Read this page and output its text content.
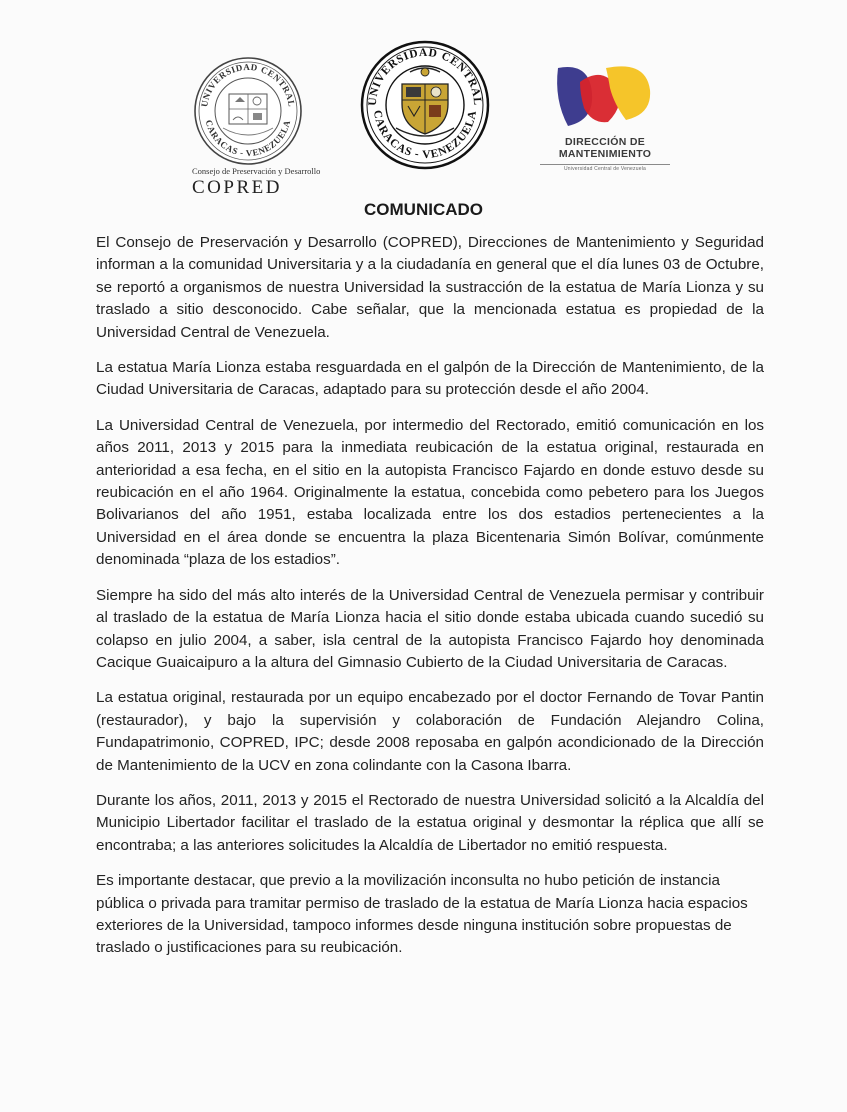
UNIVERSIDAD CENTRAL
CARACAS - VENEZUELA
Consejo de Preservación y Desarrollo
COPRED
UNIVERSIDAD CENTRAL
CARACAS - VENEZUELA
DIRECCIÓN DE
MANTENIMIENTO
Universidad Central de Venezuela
COMUNICADO

El Consejo de Preservación y Desarrollo (COPRED), Direcciones de Mantenimiento y Seguridad informan a la comunidad Universitaria y a la ciudadanía en general que el día lunes 03 de Octubre, se reportó a organismos de nuestra Universidad la sustracción de la estatua de María Lionza y su traslado a sitio desconocido. Cabe señalar, que la mencionada estatua es propiedad de la Universidad Central de Venezuela.

La estatua María Lionza estaba resguardada en el galpón de la Dirección de Mantenimiento, de la Ciudad Universitaria de Caracas, adaptado para su protección desde el año 2004.

La Universidad Central de Venezuela, por intermedio del Rectorado, emitió comunicación en los años 2011, 2013 y 2015 para la inmediata reubicación de la estatua original, restaurada en anterioridad a esa fecha, en el sitio en la autopista Francisco Fajardo en donde estuvo desde su reubicación en el año 1964. Originalmente la estatua, concebida como pebetero para los Juegos Bolivarianos del año 1951, estaba localizada entre los dos estadios pertenecientes a la Universidad en el área donde se encuentra la plaza Bicentenaria Simón Bolívar, comúnmente denominada “plaza de los estadios”.

Siempre ha sido del más alto interés de la Universidad Central de Venezuela permisar y contribuir al traslado de la estatua de María Lionza hacia el sitio donde estaba ubicada cuando sucedió su colapso en julio 2004, a saber, isla central de la autopista Francisco Fajardo hoy denominada Cacique Guaicaipuro a la altura del Gimnasio Cubierto de la Ciudad Universitaria de Caracas.

La estatua original, restaurada por un equipo encabezado por el doctor Fernando de Tovar Pantin (restaurador), y bajo la supervisión y colaboración de Fundación Alejandro Colina, Fundapatrimonio, COPRED, IPC; desde 2008 reposaba en galpón acondicionado de la Dirección de Mantenimiento de la UCV en zona colindante con la Casona Ibarra.

Durante los años, 2011, 2013 y 2015 el Rectorado de nuestra Universidad solicitó a la Alcaldía del Municipio Libertador facilitar el traslado de la estatua original y desmontar la réplica que allí se encontraba; a las anteriores solicitudes la Alcaldía de Libertador no emitió respuesta.

Es importante destacar, que previo a la movilización inconsulta no hubo petición de instancia pública o privada para tramitar permiso de traslado de la estatua de María Lionza hacia espacios exteriores de la Universidad, tampoco informes desde ninguna institución sobre propuestas de traslado o justificaciones para su reubicación.
